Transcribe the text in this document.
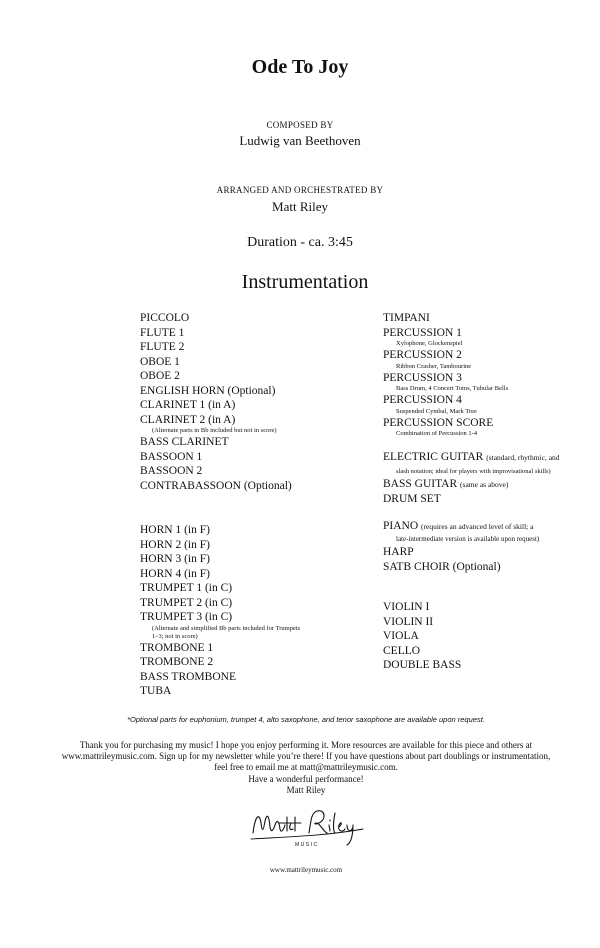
Ode To Joy
COMPOSED BY
Ludwig van Beethoven
ARRANGED AND ORCHESTRATED BY
Matt Riley
Duration - ca. 3:45
Instrumentation
PICCOLO
FLUTE 1
FLUTE 2
OBOE 1
OBOE 2
ENGLISH HORN (Optional)
CLARINET 1 (in A)
CLARINET 2 (in A)
(Alternate parts in Bb included but not in score)
BASS CLARINET
BASSOON 1
BASSOON 2
CONTRABASSOON (Optional)
HORN 1 (in F)
HORN 2 (in F)
HORN 3 (in F)
HORN 4 (in F)
TRUMPET 1 (in C)
TRUMPET 2 (in C)
TRUMPET 3 (in C)
(Alternate and simplified Bb parts included for Trumpets 1–3; not in score)
TROMBONE 1
TROMBONE 2
BASS TROMBONE
TUBA
TIMPANI
PERCUSSION 1
Xylophone, Glockenspiel
PERCUSSION 2
Ribbon Crasher, Tambourine
PERCUSSION 3
Bass Drum, 4 Concert Toms, Tubular Bells
PERCUSSION 4
Suspended Cymbal, Mark Tree
PERCUSSION SCORE
Combination of Percussion 1-4
ELECTRIC GUITAR (standard, rhythmic, and
slash notation; ideal for players with improvisational skills)
BASS GUITAR (same as above)
DRUM SET
PIANO (requires an advanced level of skill; a
late-intermediate version is available upon request)
HARP
SATB CHOIR (Optional)
VIOLIN I
VIOLIN II
VIOLA
CELLO
DOUBLE BASS
*Optional parts for euphonium, trumpet 4, alto saxophone, and tenor saxophone are available upon request.
Thank you for purchasing my music! I hope you enjoy performing it. More resources are available for this piece and others at
www.mattrileymusic.com. Sign up for my newsletter while you’re there! If you have questions about part doublings or instrumentation,
feel free to email me at matt@mattrileymusic.com.
Have a wonderful performance!
Matt Riley
MUSIC
www.mattrileymusic.com
